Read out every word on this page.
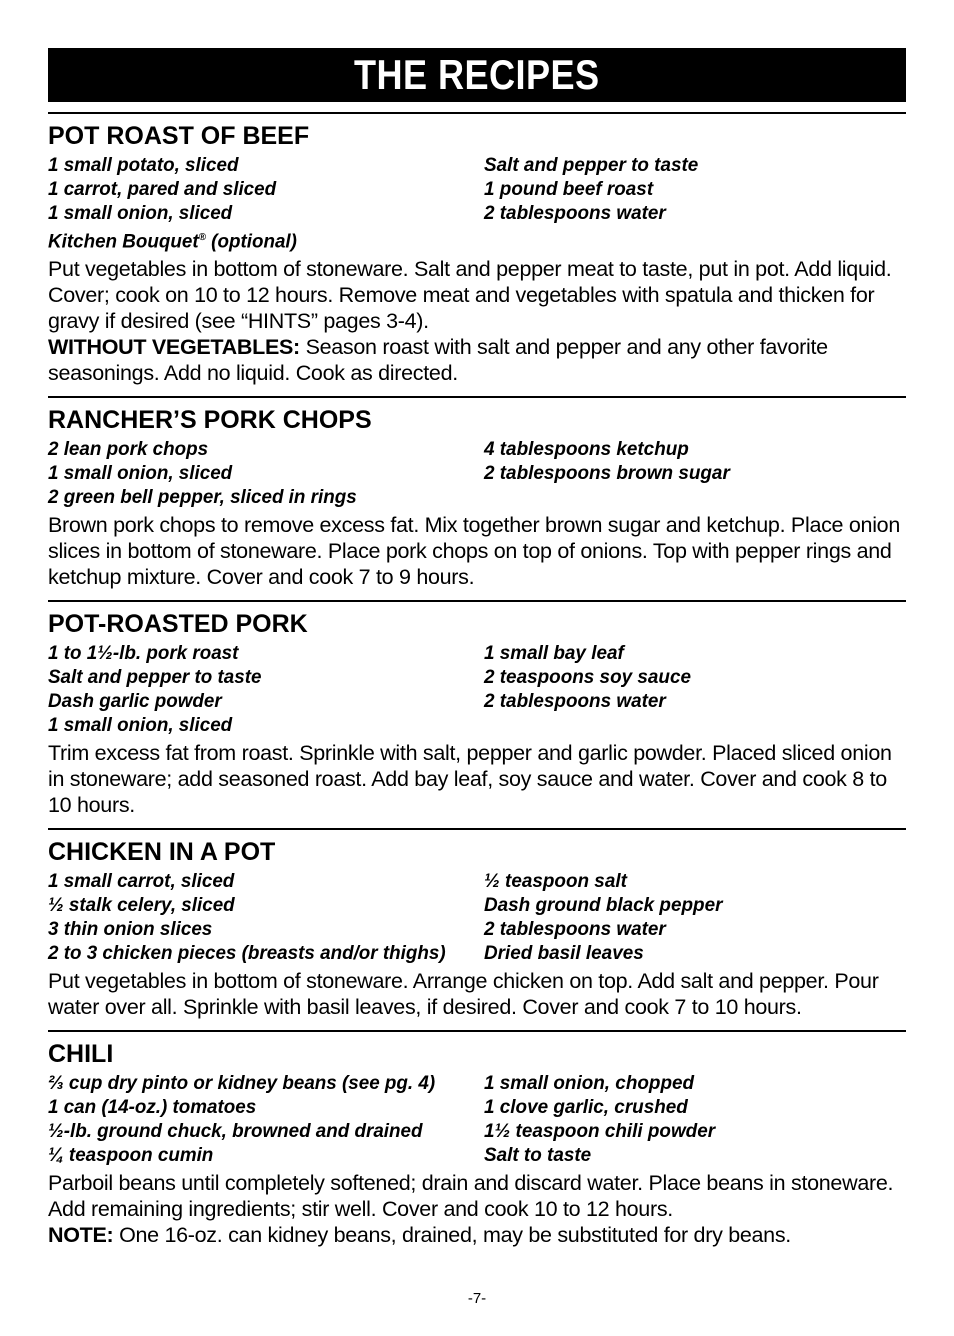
THE RECIPES
POT ROAST OF BEEF
1 small potato, sliced	Salt and pepper to taste
1 carrot, pared and sliced	1 pound beef roast
1 small onion, sliced	2 tablespoons water
Kitchen Bouquet® (optional)
Put vegetables in bottom of stoneware. Salt and pepper meat to taste, put in pot. Add liquid. Cover; cook on 10 to 12 hours. Remove meat and vegetables with spatula and thicken for gravy if desired (see “HINTS” pages 3-4).
WITHOUT VEGETABLES: Season roast with salt and pepper and any other favorite seasonings. Add no liquid. Cook as directed.
RANCHER’S PORK CHOPS
2 lean pork chops	4 tablespoons ketchup
1 small onion, sliced	2 tablespoons brown sugar
2 green bell pepper, sliced in rings
Brown pork chops to remove excess fat. Mix together brown sugar and ketchup. Place onion slices in bottom of stoneware. Place pork chops on top of onions. Top with pepper rings and ketchup mixture. Cover and cook 7 to 9 hours.
POT-ROASTED PORK
1 to 1½-lb. pork roast	1 small bay leaf
Salt and pepper to taste	2 teaspoons soy sauce
Dash garlic powder	2 tablespoons water
1 small onion, sliced
Trim excess fat from roast. Sprinkle with salt, pepper and garlic powder. Placed sliced onion in stoneware; add seasoned roast. Add bay leaf, soy sauce and water. Cover and cook 8 to 10 hours.
CHICKEN IN A POT
1 small carrot, sliced	½ teaspoon salt
½ stalk celery, sliced	Dash ground black pepper
3 thin onion slices	2 tablespoons water
2 to 3 chicken pieces (breasts and/or thighs)	Dried basil leaves
Put vegetables in bottom of stoneware. Arrange chicken on top. Add salt and pepper. Pour water over all. Sprinkle with basil leaves, if desired. Cover and cook 7 to 10 hours.
CHILI
⅔ cup dry pinto or kidney beans (see pg. 4)	1 small onion, chopped
1 can (14-oz.) tomatoes	1 clove garlic, crushed
½-lb. ground chuck, browned and drained	1½ teaspoon chili powder
¼ teaspoon cumin	Salt to taste
Parboil beans until completely softened; drain and discard water. Place beans in stoneware. Add remaining ingredients; stir well. Cover and cook 10 to 12 hours.
NOTE: One 16-oz. can kidney beans, drained, may be substituted for dry beans.
-7-
